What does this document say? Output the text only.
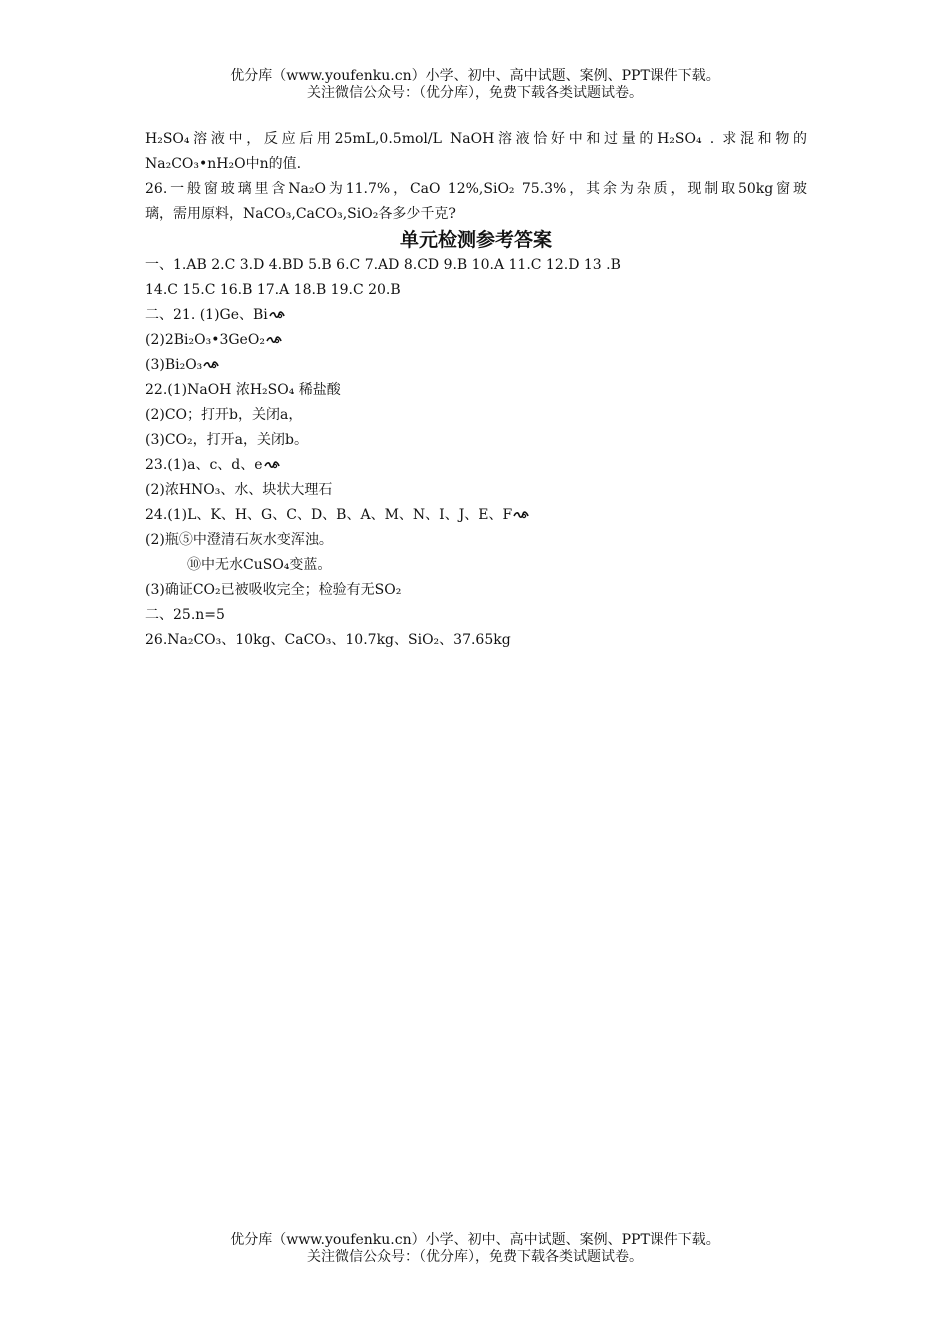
优分库（www.youfenku.cn）小学、初中、高中试题、案例、PPT课件下载。
关注微信公众号：（优分库），免费下载各类试题试卷。
H₂SO₄溶液中，反应后用25mL,0.5mol/L NaOH溶液恰好中和过量的H₂SO₄ . 求混和物的
Na₂CO₃•nH₂O中n的值.
26.一般窗玻璃里含Na₂O为11.7%，CaO 12%,SiO₂ 75.3%，其余为杂质，现制取50kg窗玻
璃，需用原料，NaCO₃,CaCO₃,SiO₂各多少千克?
单元检测参考答案
一、1.AB 2.C 3.D 4.BD 5.B 6.C 7.AD 8.CD 9.B 10.A 11.C 12.D 13 .B
14.C 15.C 16.B 17.A 18.B 19.C 20.B
二、21. (1)Ge、Bi
(2)2Bi₂O₃•3GeO₂
(3)Bi₂O₃
22.(1)NaOH 浓H₂SO₄ 稀盐酸
(2)CO；打开b，关闭a，
(3)CO₂，打开a，关闭b。
23.(1)a、c、d、e
(2)浓HNO₃、水、块状大理石
24.(1)L、K、H、G、C、D、B、A、M、N、I、J、E、F
(2)瓶⑤中澄清石灰水变浑浊。
⑩中无水CuSO₄变蓝。
(3)确证CO₂已被吸收完全；检验有无SO₂
二、25.n=5
26.Na₂CO₃、10kg、CaCO₃、10.7kg、SiO₂、37.65kg
优分库（www.youfenku.cn）小学、初中、高中试题、案例、PPT课件下载。
关注微信公众号：（优分库），免费下载各类试题试卷。
